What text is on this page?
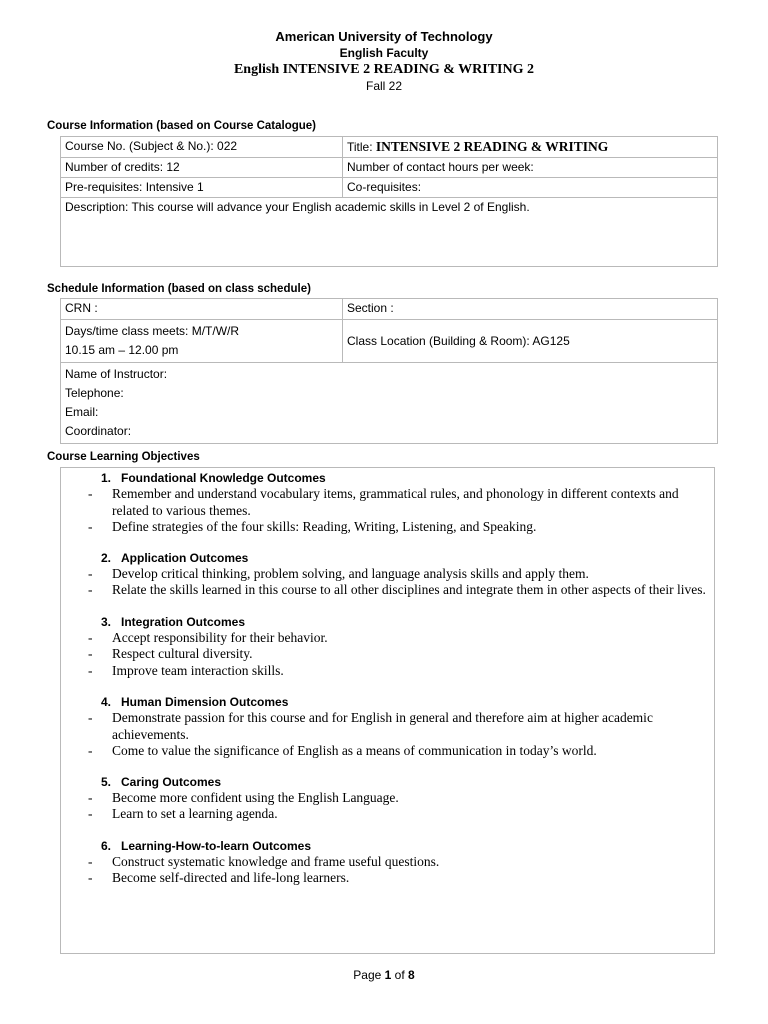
American University of Technology
English Faculty
English INTENSIVE 2 READING & WRITING 2
Fall 22
Course Information (based on Course Catalogue)
Course No. (Subject & No.): 022	Title: INTENSIVE 2 READING & WRITING
Number of credits: 12	Number of contact hours per week:
Pre-requisites: Intensive 1	Co-requisites:
Description: This course will advance your English academic skills in Level 2 of English.	
Schedule Information (based on class schedule)
CRN :	Section :

Days/time class meets: M/T/W/R
10.15 am – 12.00 pm	Class Location (Building & Room): AG125

Name of Instructor:
Telephone:
Email:
Coordinator:	
Course Learning Objectives
1. Foundational Knowledge Outcomes
-	Remember and understand vocabulary items, grammatical rules, and phonology in different contexts and related to various themes.
-	Define strategies of the four skills: Reading, Writing, Listening, and Speaking.
2. Application Outcomes
-	Develop critical thinking, problem solving, and language analysis skills and apply them.
-	Relate the skills learned in this course to all other disciplines and integrate them in other aspects of their lives.
3. Integration Outcomes
-	Accept responsibility for their behavior.
-	Respect cultural diversity.
-	Improve team interaction skills.
4. Human Dimension Outcomes
-	Demonstrate passion for this course and for English in general and therefore aim at higher academic achievements.
-	Come to value the significance of English as a means of communication in today’s world.
5. Caring Outcomes
-	Become more confident using the English Language.
-	Learn to set a learning agenda.
6. Learning-How-to-learn Outcomes
-	Construct systematic knowledge and frame useful questions.
-	Become self-directed and life-long learners.
Page 1 of 8
